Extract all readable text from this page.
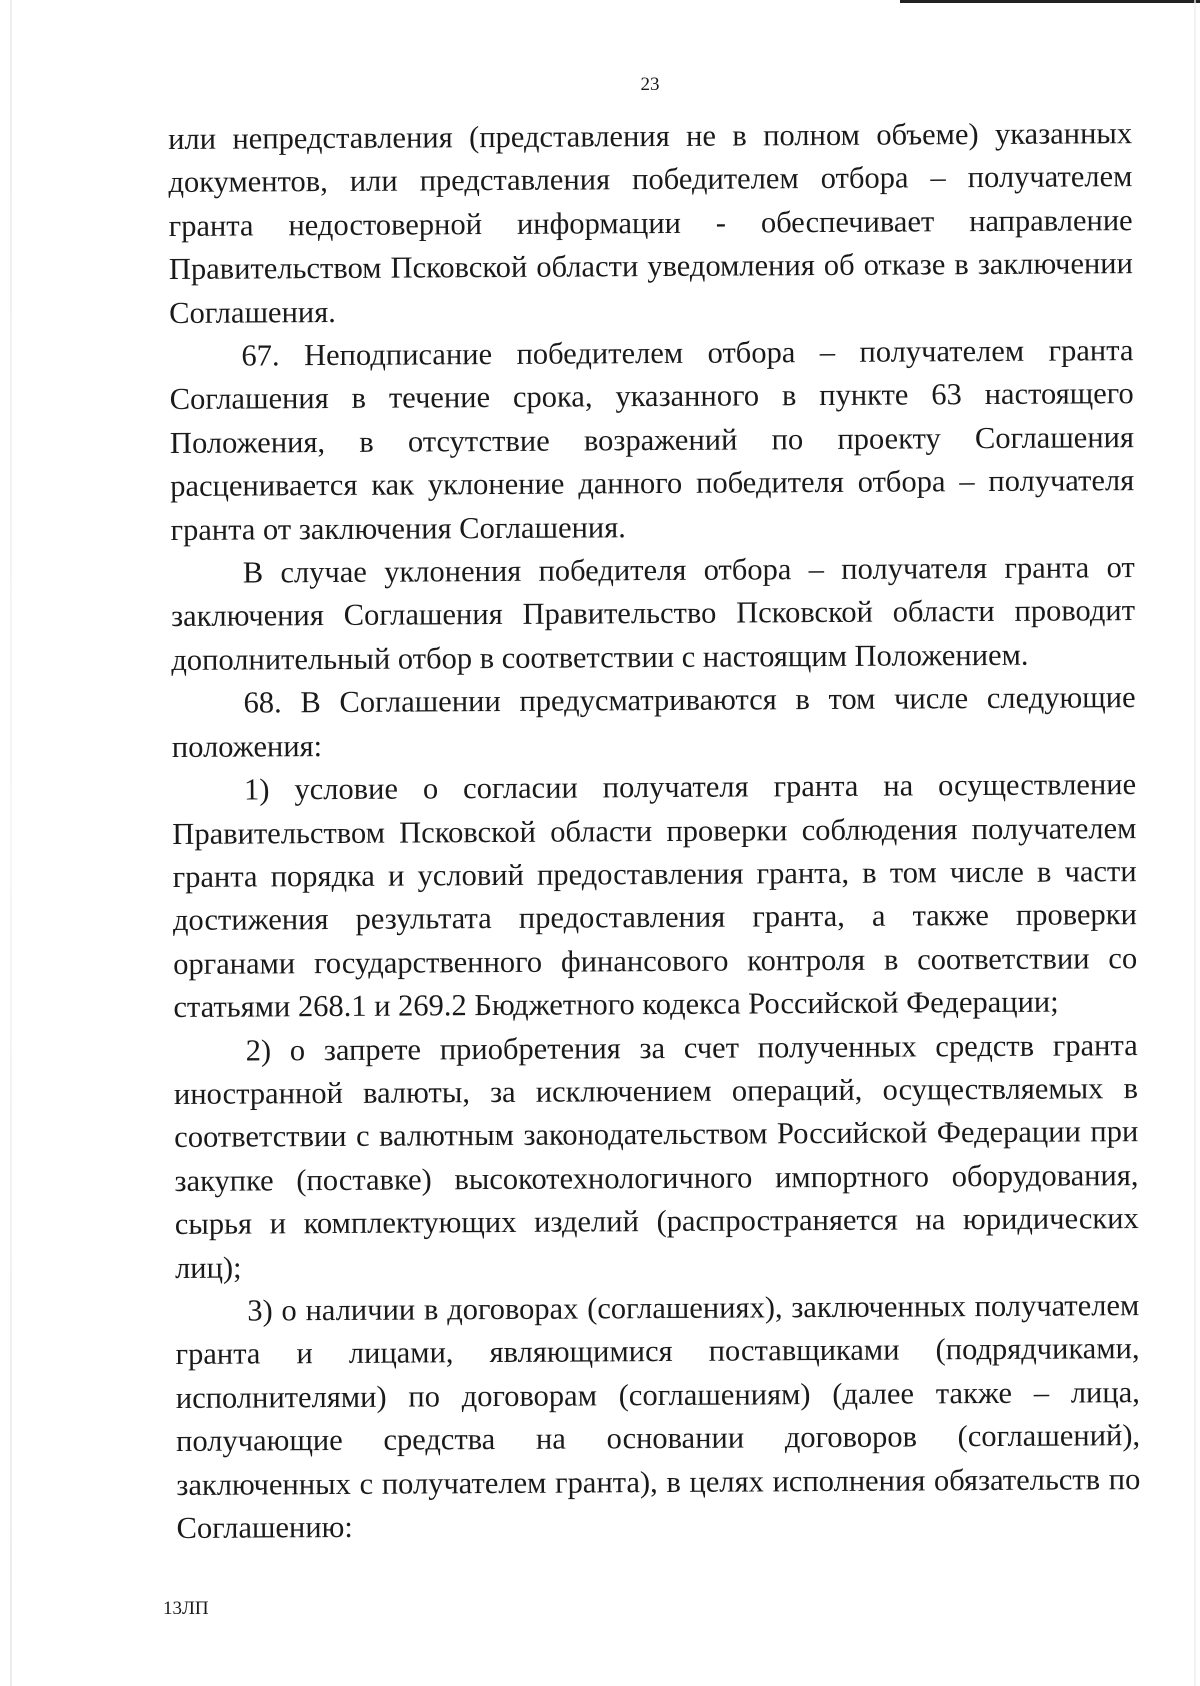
23

или непредставления (представления не в полном объеме) указанных документов, или представления победителем отбора – получателем гранта недостоверной информации - обеспечивает направление Правительством Псковской области уведомления об отказе в заключении Соглашения.

67. Неподписание победителем отбора – получателем гранта Соглашения в течение срока, указанного в пункте 63 настоящего Положения, в отсутствие возражений по проекту Соглашения расценивается как уклонение данного победителя отбора – получателя гранта от заключения Соглашения.

В случае уклонения победителя отбора – получателя гранта от заключения Соглашения Правительство Псковской области проводит дополнительный отбор в соответствии с настоящим Положением.

68. В Соглашении предусматриваются в том числе следующие положения:

1) условие о согласии получателя гранта на осуществление Правительством Псковской области проверки соблюдения получателем гранта порядка и условий предоставления гранта, в том числе в части достижения результата предоставления гранта, а также проверки органами государственного финансового контроля в соответствии со статьями 268.1 и 269.2 Бюджетного кодекса Российской Федерации;

2) о запрете приобретения за счет полученных средств гранта иностранной валюты, за исключением операций, осуществляемых в соответствии с валютным законодательством Российской Федерации при закупке (поставке) высокотехнологичного импортного оборудования, сырья и комплектующих изделий (распространяется на юридических лиц);

3) о наличии в договорах (соглашениях), заключенных получателем гранта и лицами, являющимися поставщиками (подрядчиками, исполнителями) по договорам (соглашениям) (далее также – лица, получающие средства на основании договоров (соглашений), заключенных с получателем гранта), в целях исполнения обязательств по Соглашению:

13ЛП
